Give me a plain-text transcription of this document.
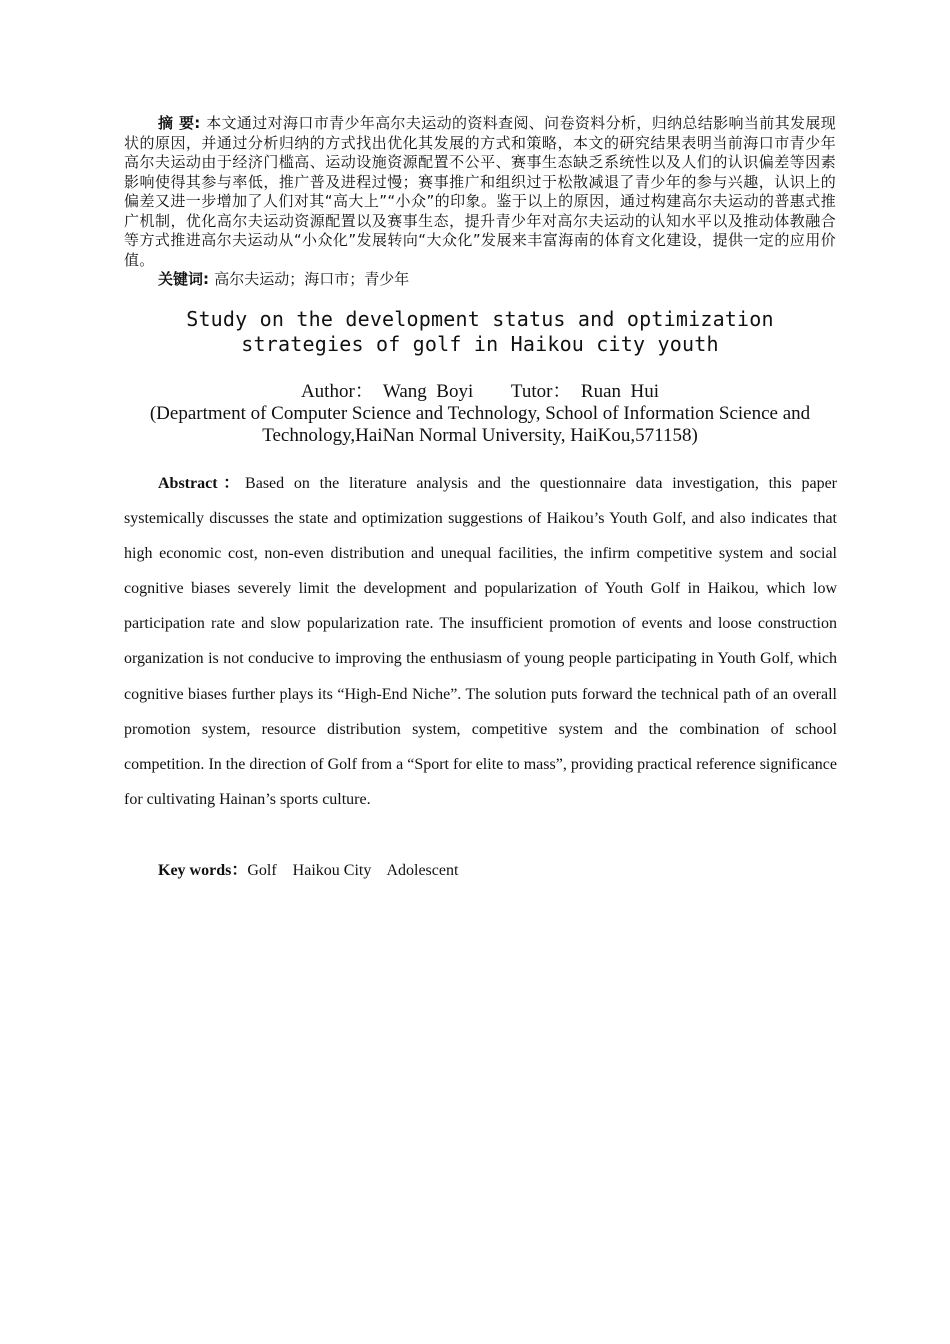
摘 要: 本文通过对海口市青少年高尔夫运动的资料查阅、问卷资料分析，归纳总结影响当前其发展现状的原因，并通过分析归纳的方式找出优化其发展的方式和策略，本文的研究结果表明当前海口市青少年高尔夫运动由于经济门槛高、运动设施资源配置不公平、赛事生态缺乏系统性以及人们的认识偏差等因素影响使得其参与率低，推广普及进程过慢；赛事推广和组织过于松散减退了青少年的参与兴趣，认识上的偏差又进一步增加了人们对其“高大上”“小众”的印象。鉴于以上的原因，通过构建高尔夫运动的普惠式推广机制，优化高尔夫运动资源配置以及赛事生态，提升青少年对高尔夫运动的认知水平以及推动体教融合等方式推进高尔夫运动从“小众化”发展转向“大众化”发展来丰富海南的体育文化建设，提供一定的应用价值。

关键词: 高尔夫运动；海口市；青少年
Study on the development status and optimization
strategies of golf in Haikou city youth
Author：  Wang  Boyi        Tutor：  Ruan  Hui
(Department of Computer Science and Technology, School of Information Science and Technology,HaiNan Normal University, HaiKou,571158)

Abstract：Based on the literature analysis and the questionnaire data investigation, this paper systemically discusses the state and optimization suggestions of Haikou’s Youth Golf, and also indicates that high economic cost, non-even distribution and unequal facilities, the infirm competitive system and social cognitive biases severely limit the development and popularization of Youth Golf in Haikou, which low participation rate and slow popularization rate. The insufficient promotion of events and loose construction organization is not conducive to improving the enthusiasm of young people participating in Youth Golf, which cognitive biases further plays its “High-End Niche”. The solution puts forward the technical path of an overall promotion system, resource distribution system, competitive system and the combination of school competition. In the direction of Golf from a “Sport for elite to mass”, providing practical reference significance for cultivating Hainan’s sports culture.

Key words：Golf    Haikou City    Adolescent
